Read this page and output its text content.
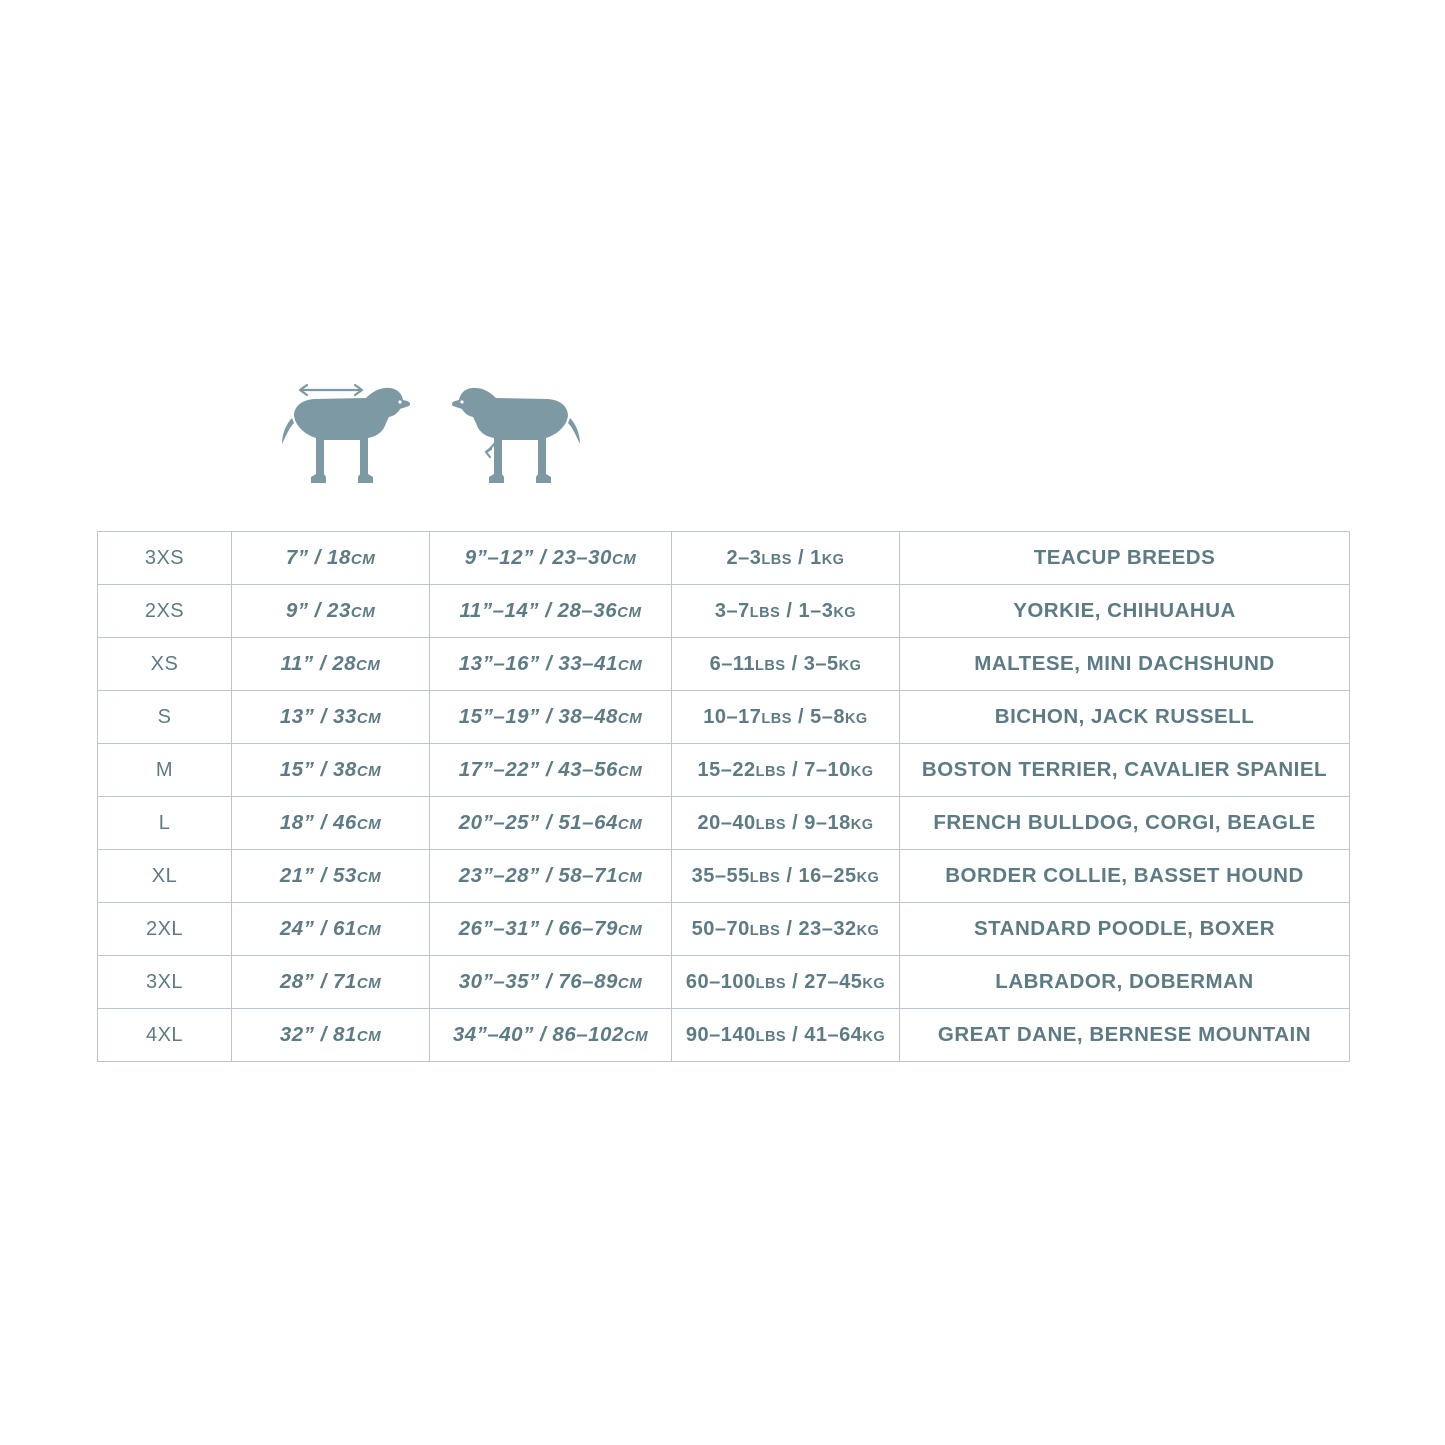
3XS	7” / 18CM	9”–12” / 23–30CM	2–3LBS / 1KG	TEACUP BREEDS
2XS	9” / 23CM	11”–14” / 28–36CM	3–7LBS / 1–3KG	YORKIE, CHIHUAHUA
XS	11” / 28CM	13”–16” / 33–41CM	6–11LBS / 3–5KG	MALTESE, MINI DACHSHUND
S	13” / 33CM	15”–19” / 38–48CM	10–17LBS / 5–8KG	BICHON, JACK RUSSELL
M	15” / 38CM	17”–22” / 43–56CM	15–22LBS / 7–10KG	BOSTON TERRIER, CAVALIER SPANIEL
L	18” / 46CM	20”–25” / 51–64CM	20–40LBS / 9–18KG	FRENCH BULLDOG, CORGI, BEAGLE
XL	21” / 53CM	23”–28” / 58–71CM	35–55LBS / 16–25KG	BORDER COLLIE, BASSET HOUND
2XL	24” / 61CM	26”–31” / 66–79CM	50–70LBS / 23–32KG	STANDARD POODLE, BOXER
3XL	28” / 71CM	30”–35” / 76–89CM	60–100LBS / 27–45KG	LABRADOR, DOBERMAN
4XL	32” / 81CM	34”–40” / 86–102CM	90–140LBS / 41–64KG	GREAT DANE, BERNESE MOUNTAIN
